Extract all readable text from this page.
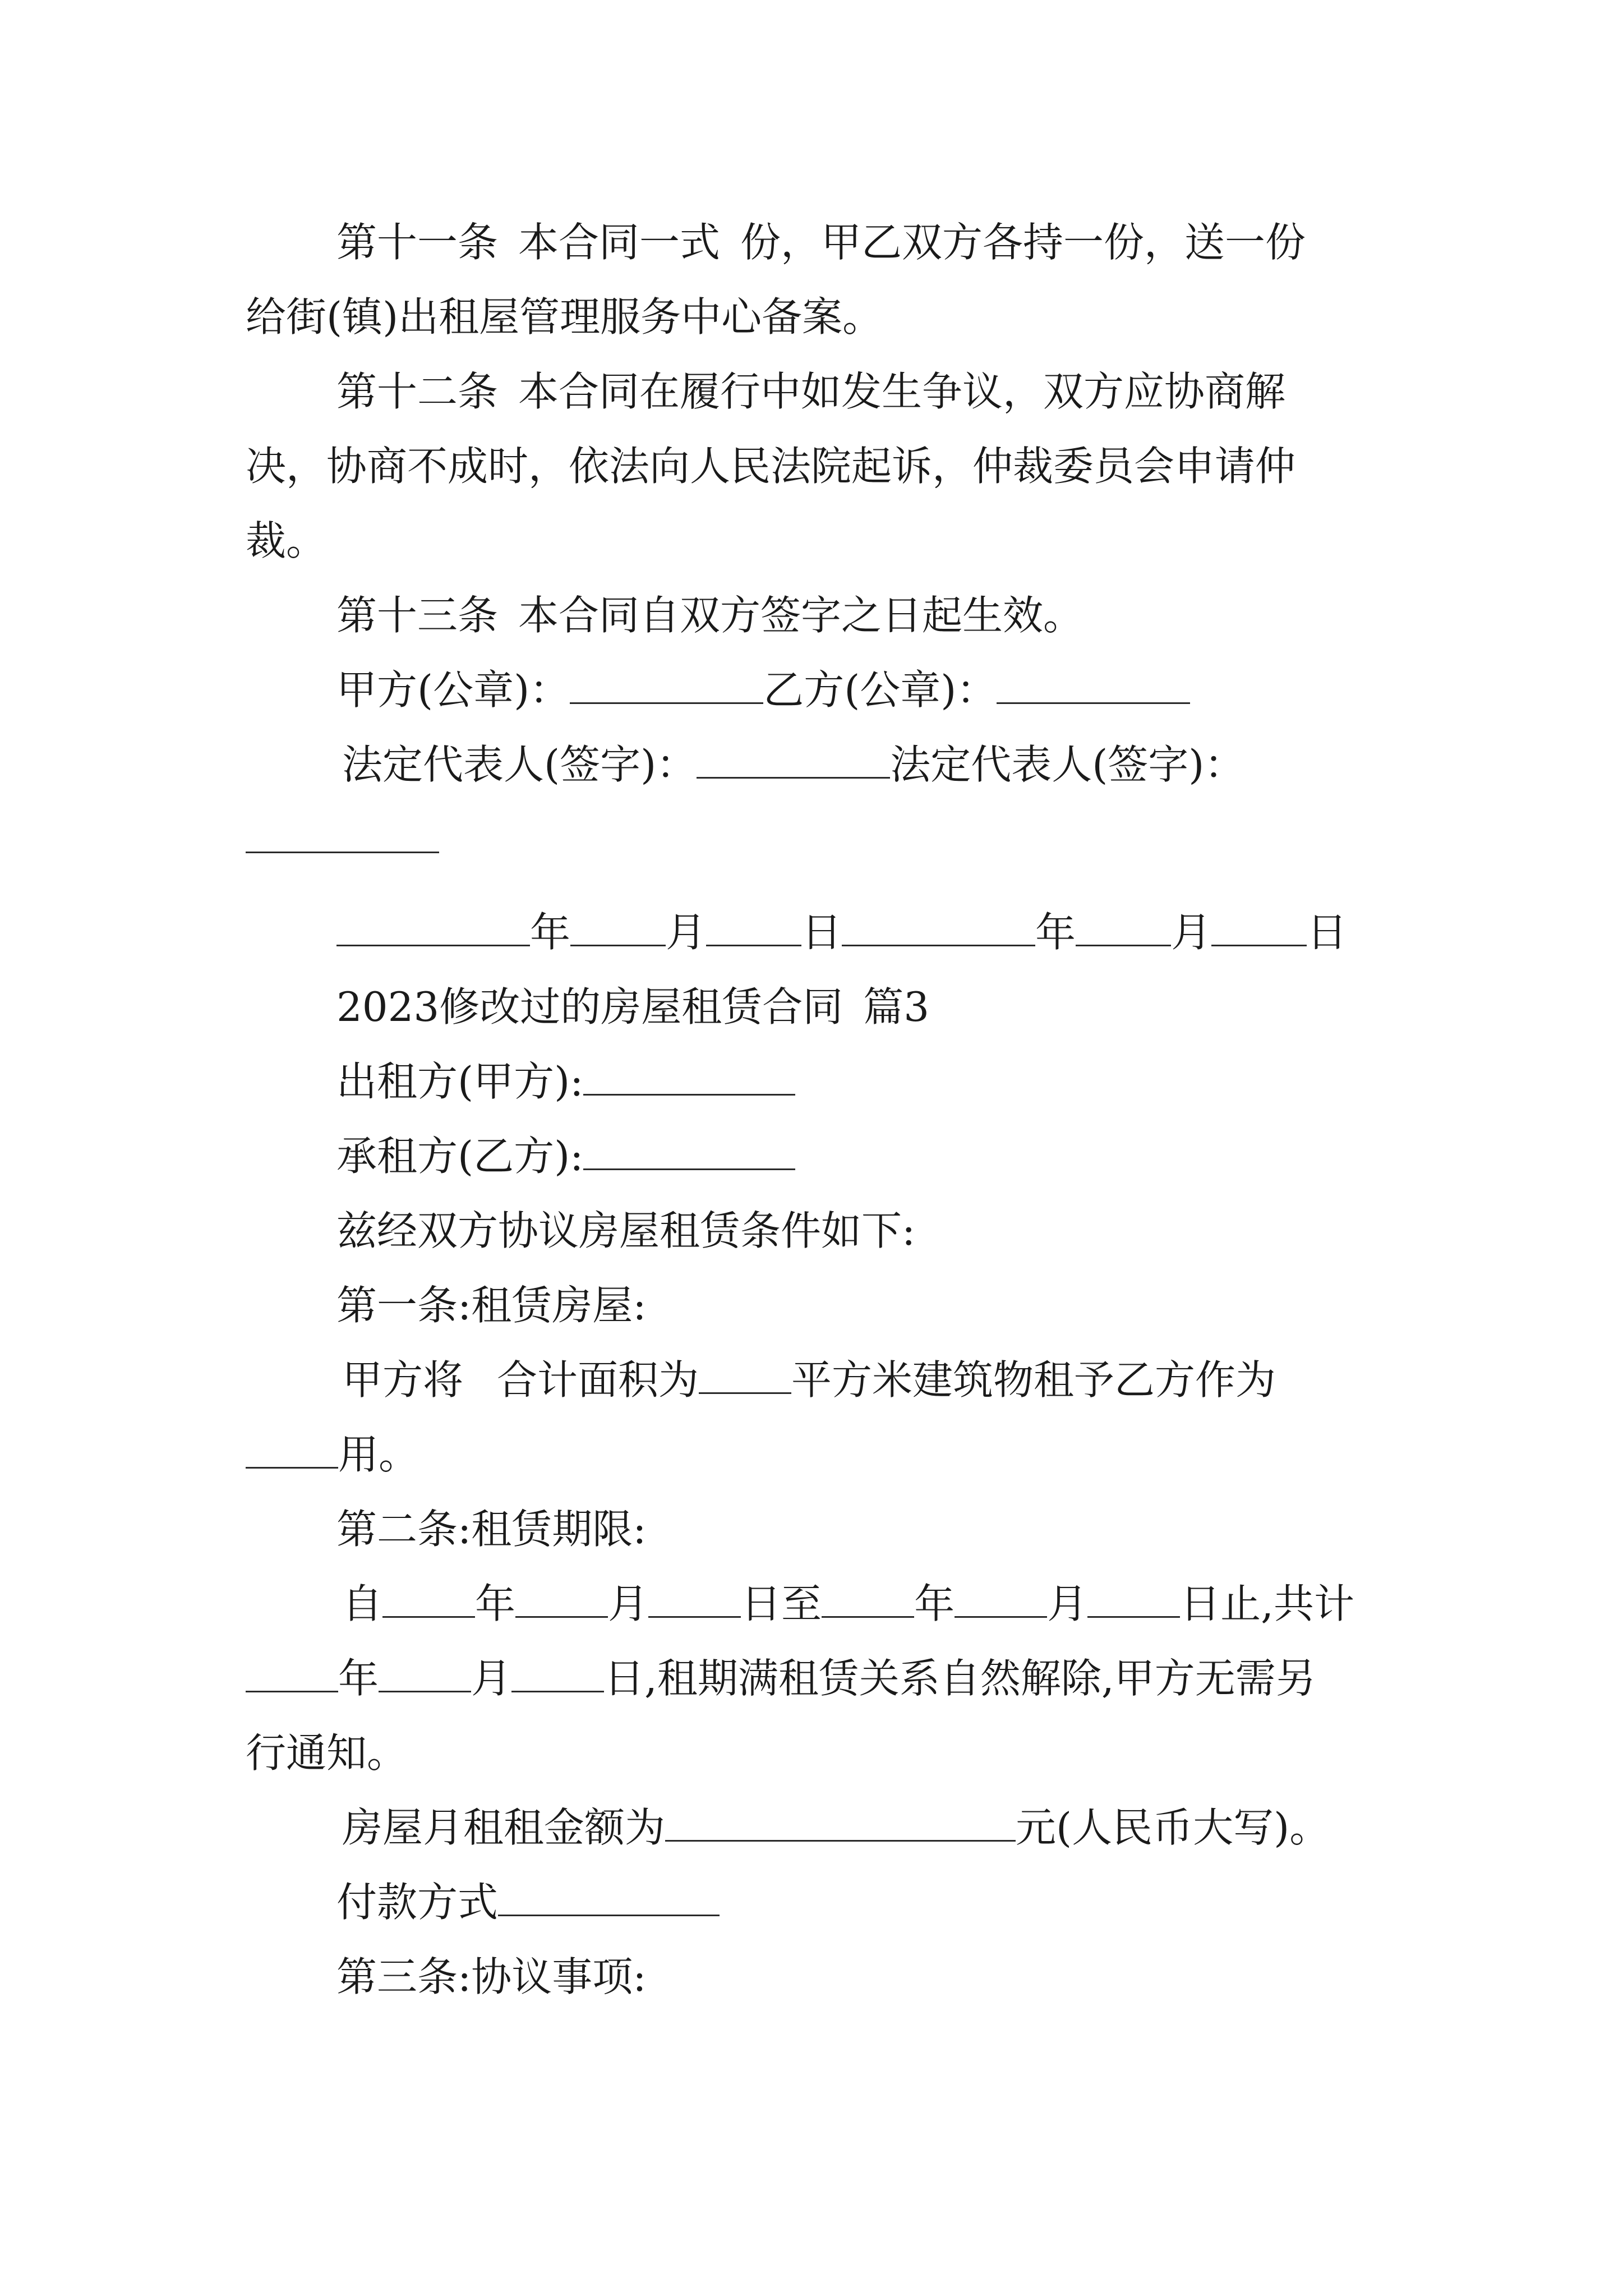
第十一条 本合同一式 份，甲乙双方各持一份，送一份
给街(镇)出租屋管理服务中心备案。
第十二条 本合同在履行中如发生争议，双方应协商解
决，协商不成时，依法向人民法院起诉，仲裁委员会申请仲
裁。
第十三条 本合同自双方签字之日起生效。
甲方(公章)：	乙方(公章)：
法定代表人(签字)：	法定代表人(签字)：
年 月 日	年 月 日
2023修改过的房屋租赁合同 篇3
出租方(甲方):
承租方(乙方):
兹经双方协议房屋租赁条件如下:
第一条:租赁房屋:
甲方将 合计面积为 平方米建筑物租予乙方作为
用。
第二条:租赁期限:
自 年 月 日至 年 月 日止,共计
年 月 日,租期满租赁关系自然解除,甲方无需另
行通知。
房屋月租租金额为	元(人民币大写)。
付款方式
第三条:协议事项:
